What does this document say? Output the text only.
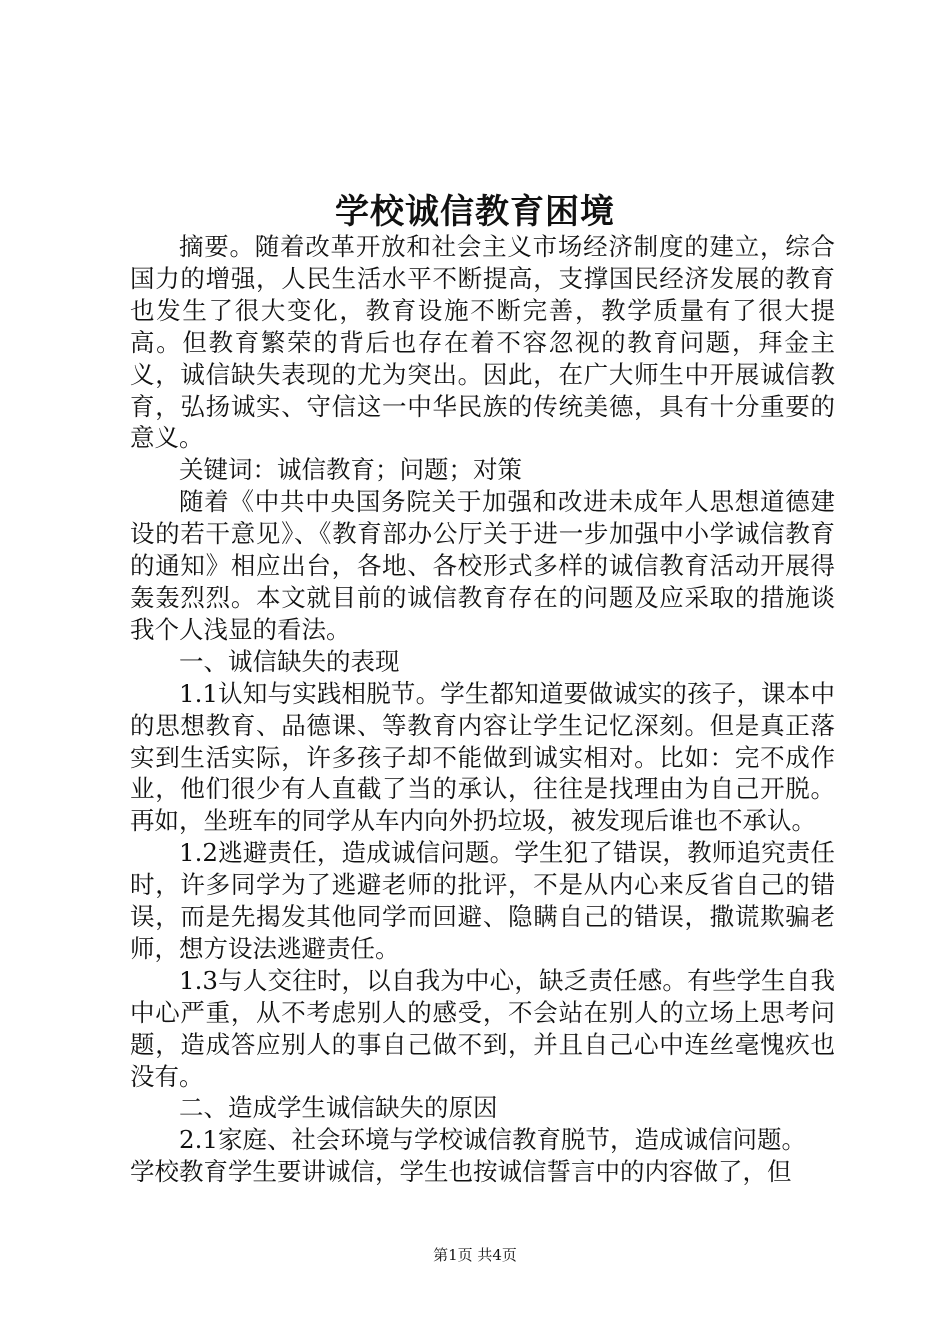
学校诚信教育困境

摘要。随着改革开放和社会主义市场经济制度的建立，综合国力的增强，人民生活水平不断提高，支撑国民经济发展的教育也发生了很大变化，教育设施不断完善，教学质量有了很大提高。但教育繁荣的背后也存在着不容忽视的教育问题，拜金主义，诚信缺失表现的尤为突出。因此，在广大师生中开展诚信教育，弘扬诚实、守信这一中华民族的传统美德，具有十分重要的意义。

关键词：诚信教育；问题；对策

随着《中共中央国务院关于加强和改进未成年人思想道德建设的若干意见》、《教育部办公厅关于进一步加强中小学诚信教育的通知》相应出台，各地、各校形式多样的诚信教育活动开展得轰轰烈烈。本文就目前的诚信教育存在的问题及应采取的措施谈我个人浅显的看法。

一、诚信缺失的表现

1.1认知与实践相脱节。学生都知道要做诚实的孩子，课本中的思想教育、品德课、等教育内容让学生记忆深刻。但是真正落实到生活实际，许多孩子却不能做到诚实相对。比如：完不成作业，他们很少有人直截了当的承认，往往是找理由为自己开脱。再如，坐班车的同学从车内向外扔垃圾，被发现后谁也不承认。

1.2逃避责任，造成诚信问题。学生犯了错误，教师追究责任时，许多同学为了逃避老师的批评，不是从内心来反省自己的错误，而是先揭发其他同学而回避、隐瞒自己的错误，撒谎欺骗老师，想方设法逃避责任。

1.3与人交往时，以自我为中心，缺乏责任感。有些学生自我中心严重，从不考虑别人的感受，不会站在别人的立场上思考问题，造成答应别人的事自己做不到，并且自己心中连丝毫愧疚也没有。

二、造成学生诚信缺失的原因

2.1家庭、社会环境与学校诚信教育脱节，造成诚信问题。

学校教育学生要讲诚信，学生也按诚信誓言中的内容做了，但

第1页 共4页
